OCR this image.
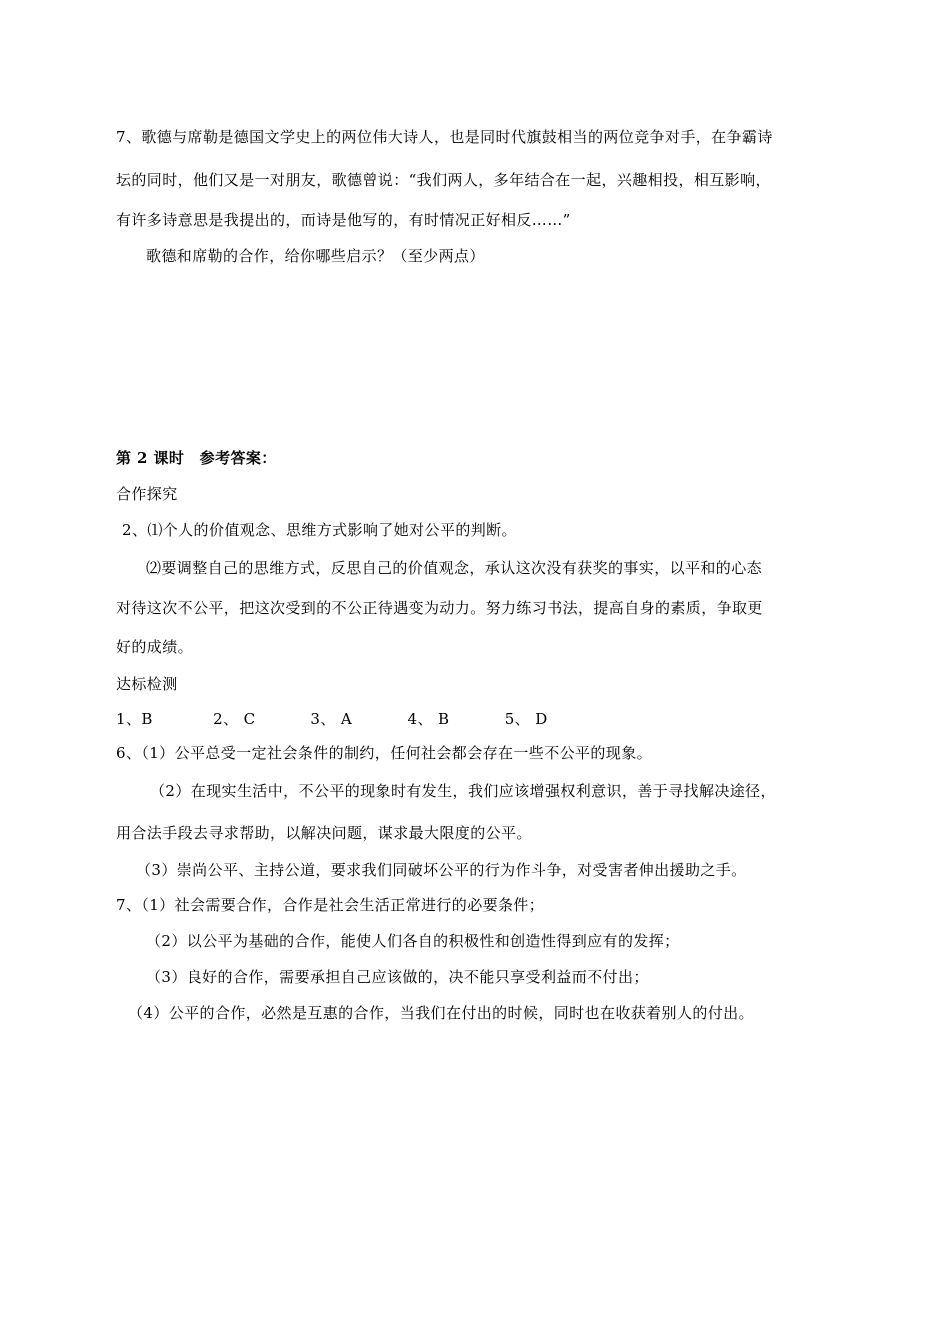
7、歌德与席勒是德国文学史上的两位伟大诗人，也是同时代旗鼓相当的两位竞争对手，在争霸诗
坛的同时，他们又是一对朋友，歌德曾说：“我们两人，多年结合在一起，兴趣相投，相互影响，
有许多诗意思是我提出的，而诗是他写的，有时情况正好相反……”
歌德和席勒的合作，给你哪些启示？（至少两点）
第 2 课时　参考答案：
合作探究
2、⑴个人的价值观念、思维方式影响了她对公平的判断。
⑵要调整自己的思维方式，反思自己的价值观念，承认这次没有获奖的事实，以平和的心态
对待这次不公平，把这次受到的不公正待遇变为动力。努力练习书法，提高自身的素质，争取更
好的成绩。
达标检测
1、B	2、 C	3、 A	4、 B	5、 D
6、（1）公平总受一定社会条件的制约，任何社会都会存在一些不公平的现象。
（2）在现实生活中，不公平的现象时有发生，我们应该增强权利意识，善于寻找解决途径，
用合法手段去寻求帮助，以解决问题，谋求最大限度的公平。
（3）崇尚公平、主持公道，要求我们同破坏公平的行为作斗争，对受害者伸出援助之手。
7、（1）社会需要合作，合作是社会生活正常进行的必要条件；
（2）以公平为基础的合作，能使人们各自的积极性和创造性得到应有的发挥；
（3）良好的合作，需要承担自己应该做的，决不能只享受利益而不付出；
（4）公平的合作，必然是互惠的合作，当我们在付出的时候，同时也在收获着别人的付出。
